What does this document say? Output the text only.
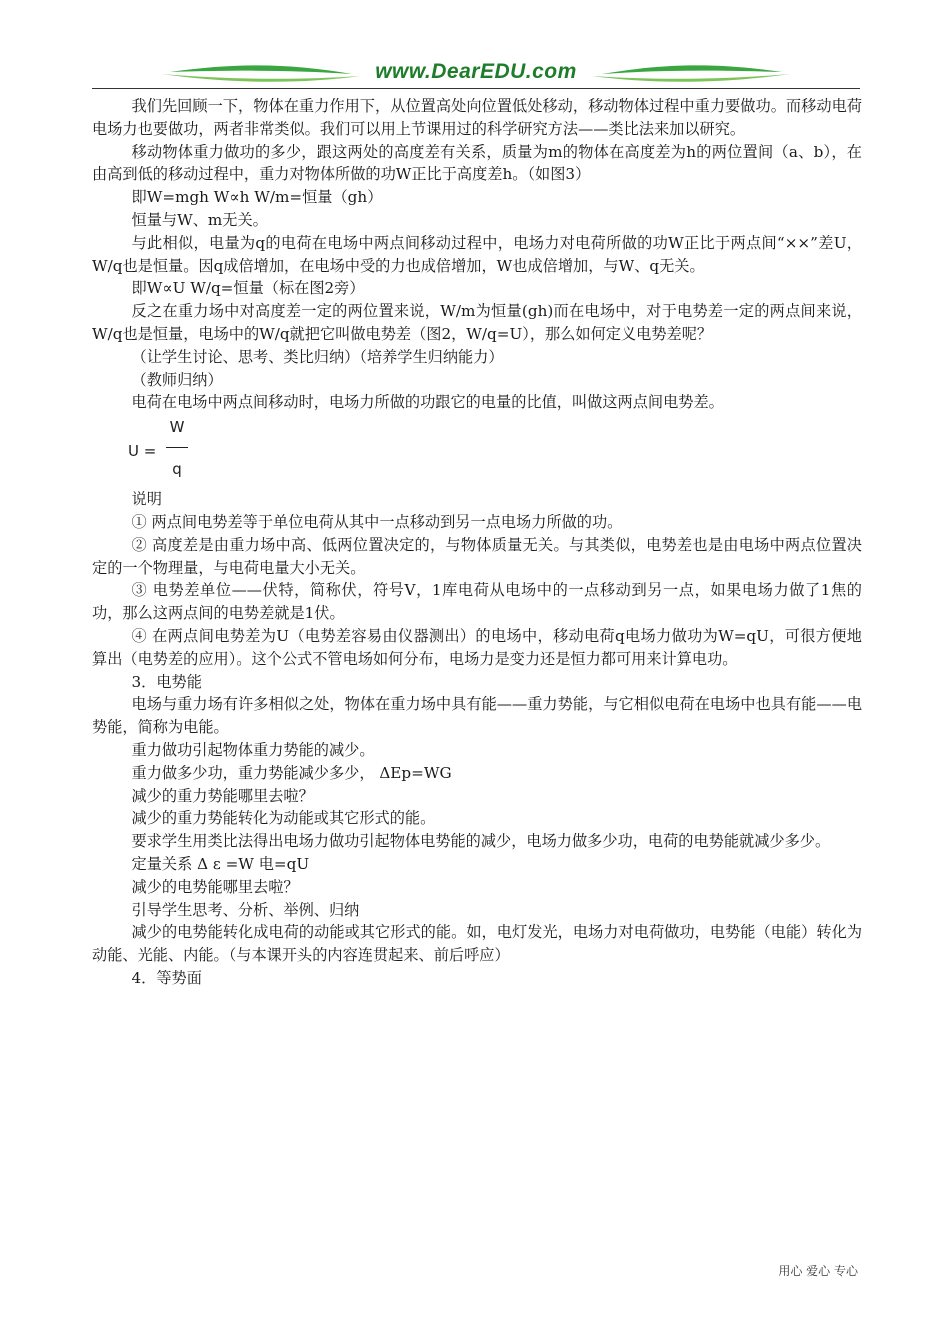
www.DearEDU.com

我们先回顾一下，物体在重力作用下，从位置高处向位置低处移动，移动物体过程中重力要做功。而移动电荷电场力也要做功，两者非常类似。我们可以用上节课用过的科学研究方法——类比法来加以研究。

移动物体重力做功的多少，跟这两处的高度差有关系，质量为m的物体在高度差为h的两位置间（a、b），在由高到低的移动过程中，重力对物体所做的功W正比于高度差h。（如图3）

即W=mgh W∝h W/m=恒量（gh）

恒量与W、m无关。

与此相似，电量为q的电荷在电场中两点间移动过程中，电场力对电荷所做的功W正比于两点间“××”差U，W/q也是恒量。因q成倍增加，在电场中受的力也成倍增加，W也成倍增加，与W、q无关。

即W∝U W/q=恒量（标在图2旁）

反之在重力场中对高度差一定的两位置来说，W/m为恒量(gh)而在电场中，对于电势差一定的两点间来说，W/q也是恒量，电场中的W/q就把它叫做电势差（图2，W/q=U），那么如何定义电势差呢？

（让学生讨论、思考、类比归纳）（培养学生归纳能力）

（教师归纳）

电荷在电场中两点间移动时，电场力所做的功跟它的电量的比值，叫做这两点间电势差。

U =
W
q

说明

① 两点间电势差等于单位电荷从其中一点移动到另一点电场力所做的功。

② 高度差是由重力场中高、低两位置决定的，与物体质量无关。与其类似，电势差也是由电场中两点位置决定的一个物理量，与电荷电量大小无关。

③ 电势差单位——伏特，简称伏，符号V，1库电荷从电场中的一点移动到另一点，如果电场力做了1焦的功，那么这两点间的电势差就是1伏。

④ 在两点间电势差为U（电势差容易由仪器测出）的电场中，移动电荷q电场力做功为W=qU，可很方便地算出（电势差的应用）。这个公式不管电场如何分布，电场力是变力还是恒力都可用来计算电功。

3．电势能

电场与重力场有许多相似之处，物体在重力场中具有能——重力势能，与它相似电荷在电场中也具有能——电势能，简称为电能。

重力做功引起物体重力势能的减少。

重力做多少功，重力势能减少多少， ΔEp=WG

减少的重力势能哪里去啦？

减少的重力势能转化为动能或其它形式的能。

要求学生用类比法得出电场力做功引起物体电势能的减少，电场力做多少功，电荷的电势能就减少多少。

定量关系 Δ ε =W 电=qU

减少的电势能哪里去啦？

引导学生思考、分析、举例、归纳

减少的电势能转化成电荷的动能或其它形式的能。如，电灯发光，电场力对电荷做功，电势能（电能）转化为动能、光能、内能。（与本课开头的内容连贯起来、前后呼应）

4．等势面

用心 爱心 专心
